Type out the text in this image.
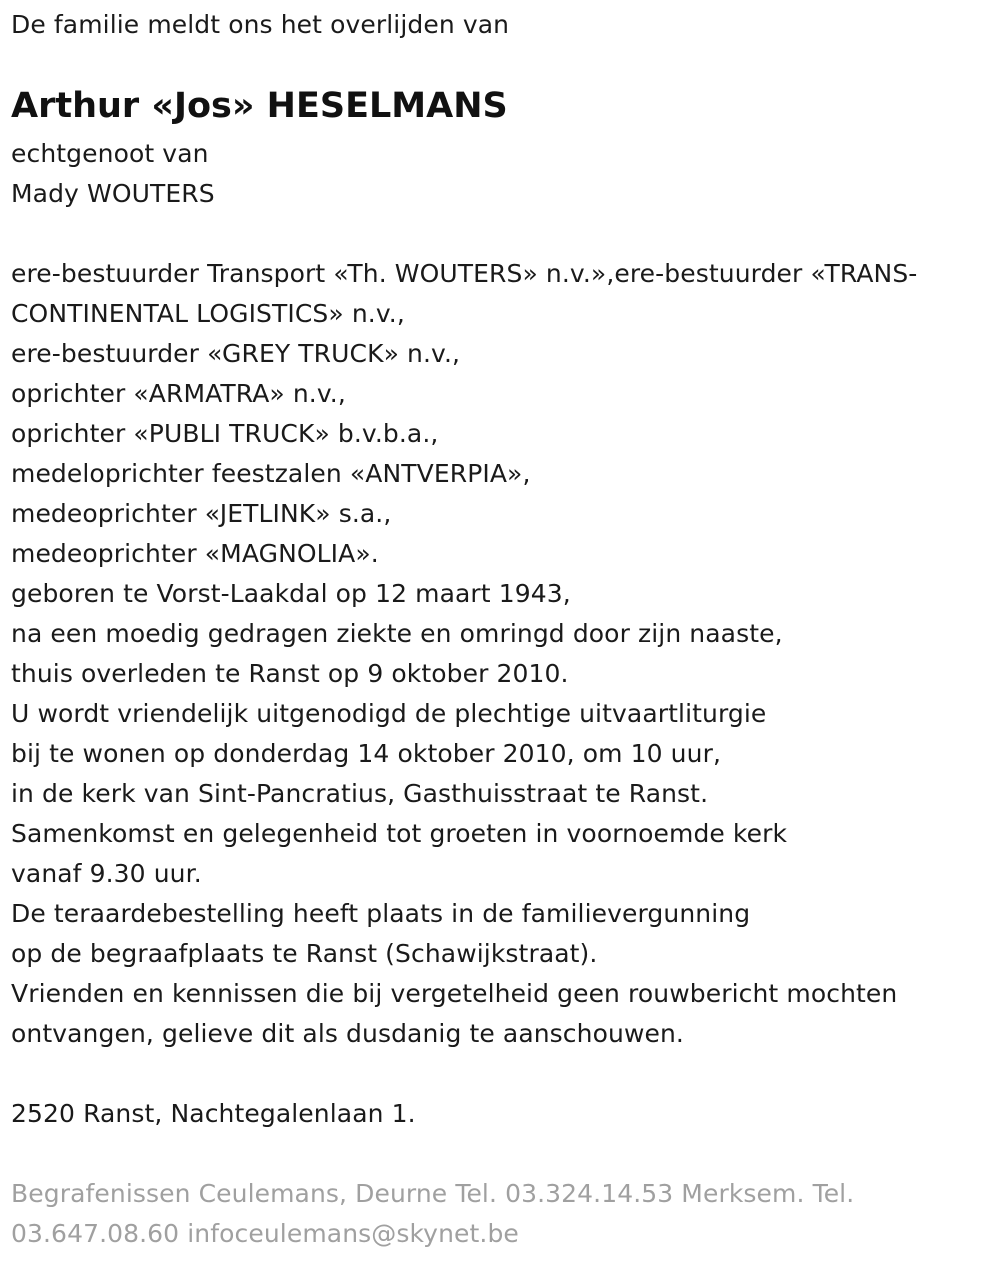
De familie meldt ons het overlijden van
Arthur «Jos» HESELMANS
echtgenoot van
Mady WOUTERS
ere-bestuurder Transport «Th. WOUTERS» n.v.»,ere-bestuurder «TRANS-
CONTINENTAL LOGISTICS» n.v.,
ere-bestuurder «GREY TRUCK» n.v.,
oprichter «ARMATRA» n.v.,
oprichter «PUBLI TRUCK» b.v.b.a.,
medeloprichter feestzalen «ANTVERPIA»,
medeoprichter «JETLINK» s.a.,
medeoprichter «MAGNOLIA».
geboren te Vorst-Laakdal op 12 maart 1943,
na een moedig gedragen ziekte en omringd door zijn naaste,
thuis overleden te Ranst op 9 oktober 2010.
U wordt vriendelijk uitgenodigd de plechtige uitvaartliturgie
bij te wonen op donderdag 14 oktober 2010, om 10 uur,
in de kerk van Sint-Pancratius, Gasthuisstraat te Ranst.
Samenkomst en gelegenheid tot groeten in voornoemde kerk
vanaf 9.30 uur.
De teraardebestelling heeft plaats in de familievergunning
op de begraafplaats te Ranst (Schawijkstraat).
Vrienden en kennissen die bij vergetelheid geen rouwbericht mochten
ontvangen, gelieve dit als dusdanig te aanschouwen.
2520 Ranst, Nachtegalenlaan 1.
Begrafenissen Ceulemans, Deurne Tel. 03.324.14.53 Merksem. Tel.
03.647.08.60 infoceulemans@skynet.be
